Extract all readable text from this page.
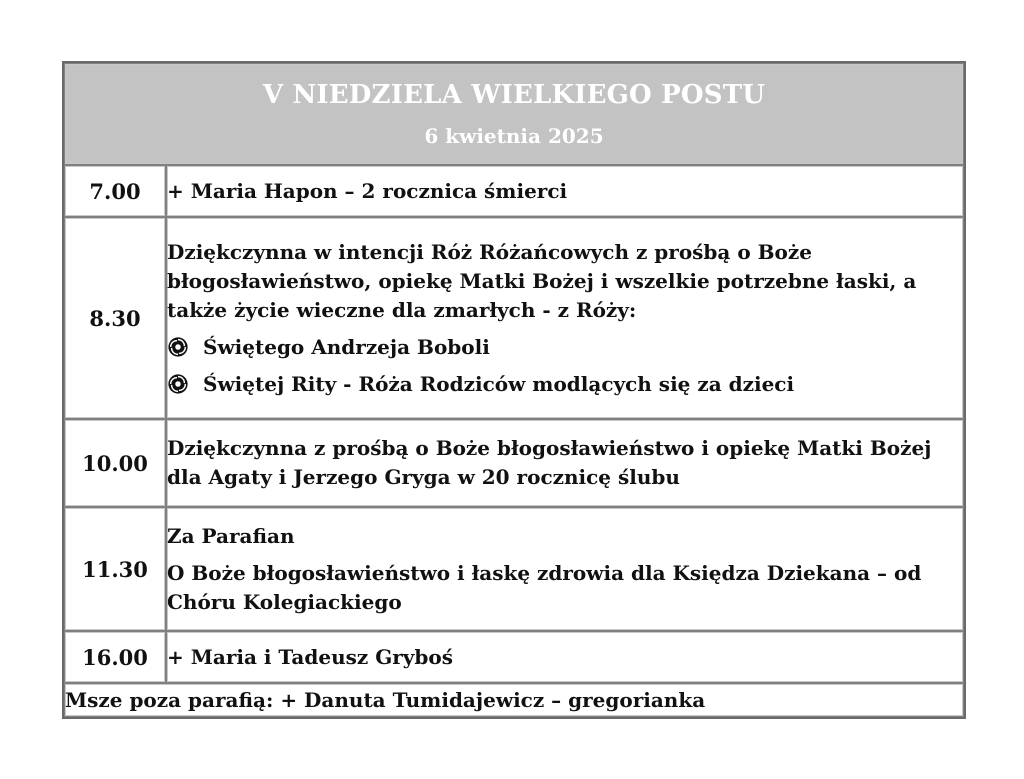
V NIEDZIELA WIELKIEGO POSTU
6 kwietnia 2025	

7.00	+ Maria Hapon – 2 rocznica śmierci
8.30	Dziękczynna w intencji Róż Różańcowych z prośbą o Boże błogosławieństwo, opiekę Matki Bożej i wszelkie potrzebne łaski, a także życie wieczne dla zmarłych - z Róży:
Świętego Andrzeja Boboli
Świętej Rity - Róża Rodziców modlących się za dzieci

10.00	Dziękczynna z prośbą o Boże błogosławieństwo i opiekę Matki Bożej dla Agaty i Jerzego Gryga w 20 rocznicę ślubu
11.30	Za Parafian
O Boże błogosławieństwo i łaskę zdrowia dla Księdza Dziekana – od Chóru Kolegiackiego

16.00	+ Maria i Tadeusz Gryboś
Msze poza parafią: + Danuta Tumidajewicz – gregorianka	
